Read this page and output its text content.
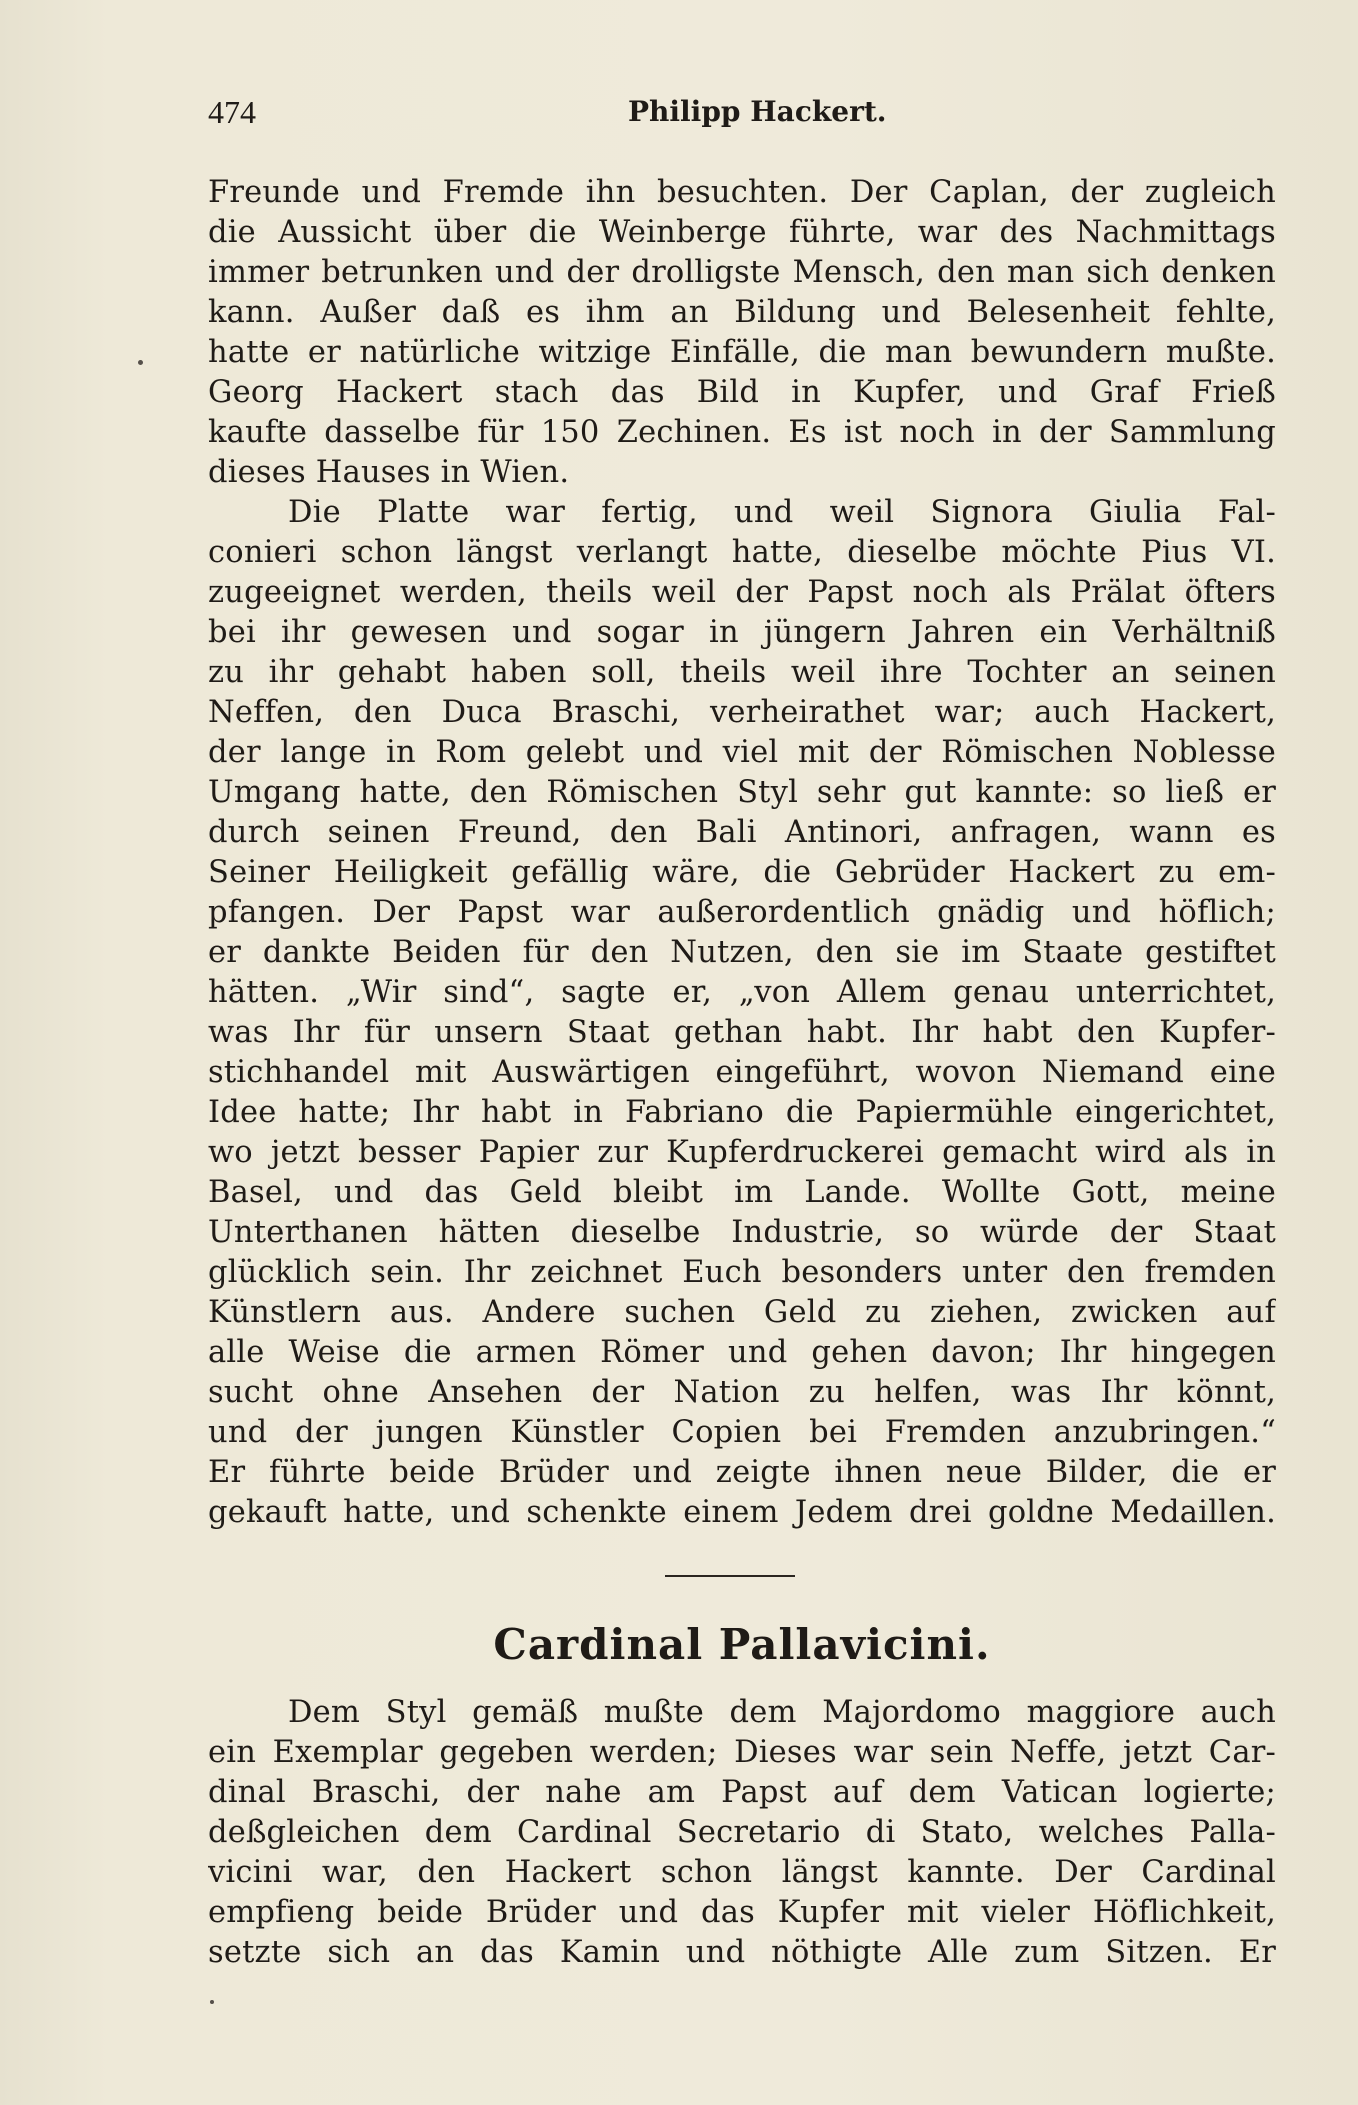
474	Philipp Hackert.
Freunde und Fremde ihn besuchten. Der Caplan, der zugleich
die Aussicht über die Weinberge führte, war des Nachmittags
immer betrunken und der drolligste Mensch, den man sich denken
kann. Außer daß es ihm an Bildung und Belesenheit fehlte,
hatte er natürliche witzige Einfälle, die man bewundern mußte.
Georg Hackert stach das Bild in Kupfer, und Graf Frieß
kaufte dasselbe für 150 Zechinen. Es ist noch in der Sammlung
dieses Hauses in Wien.
Die Platte war fertig, und weil Signora Giulia Fal-
conieri schon längst verlangt hatte, dieselbe möchte Pius VI.
zugeeignet werden, theils weil der Papst noch als Prälat öfters
bei ihr gewesen und sogar in jüngern Jahren ein Verhältniß
zu ihr gehabt haben soll, theils weil ihre Tochter an seinen
Neffen, den Duca Braschi, verheirathet war; auch Hackert,
der lange in Rom gelebt und viel mit der Römischen Noblesse
Umgang hatte, den Römischen Styl sehr gut kannte: so ließ er
durch seinen Freund, den Bali Antinori, anfragen, wann es
Seiner Heiligkeit gefällig wäre, die Gebrüder Hackert zu em-
pfangen. Der Papst war außerordentlich gnädig und höflich;
er dankte Beiden für den Nutzen, den sie im Staate gestiftet
hätten. „Wir sind“, sagte er, „von Allem genau unterrichtet,
was Ihr für unsern Staat gethan habt. Ihr habt den Kupfer-
stichhandel mit Auswärtigen eingeführt, wovon Niemand eine
Idee hatte; Ihr habt in Fabriano die Papiermühle eingerichtet,
wo jetzt besser Papier zur Kupferdruckerei gemacht wird als in
Basel, und das Geld bleibt im Lande. Wollte Gott, meine
Unterthanen hätten dieselbe Industrie, so würde der Staat
glücklich sein. Ihr zeichnet Euch besonders unter den fremden
Künstlern aus. Andere suchen Geld zu ziehen, zwicken auf
alle Weise die armen Römer und gehen davon; Ihr hingegen
sucht ohne Ansehen der Nation zu helfen, was Ihr könnt,
und der jungen Künstler Copien bei Fremden anzubringen.“
Er führte beide Brüder und zeigte ihnen neue Bilder, die er
gekauft hatte, und schenkte einem Jedem drei goldne Medaillen.
Cardinal Pallavicini.
Dem Styl gemäß mußte dem Majordomo maggiore auch
ein Exemplar gegeben werden; Dieses war sein Neffe, jetzt Car-
dinal Braschi, der nahe am Papst auf dem Vatican logierte;
deßgleichen dem Cardinal Secretario di Stato, welches Palla-
vicini war, den Hackert schon längst kannte. Der Cardinal
empfieng beide Brüder und das Kupfer mit vieler Höflichkeit,
setzte sich an das Kamin und nöthigte Alle zum Sitzen. Er
